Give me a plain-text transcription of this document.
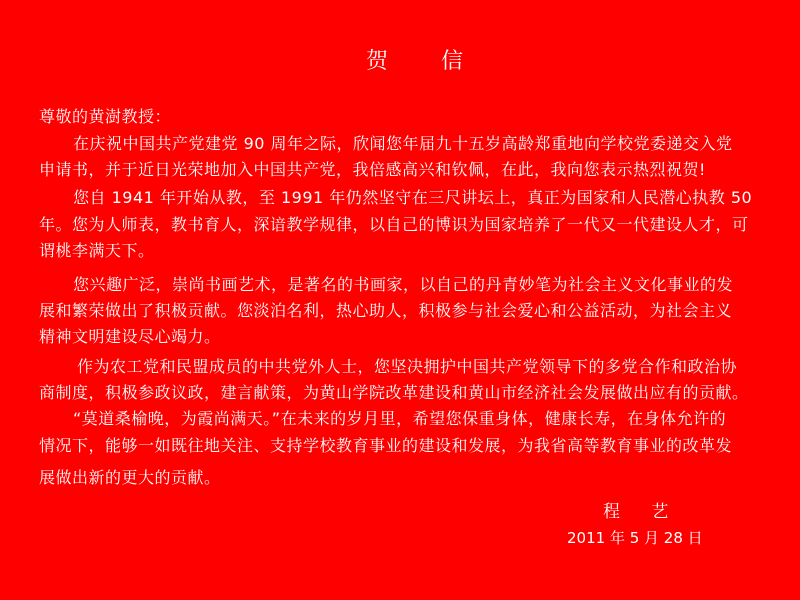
贺 信
尊敬的黄澍教授：
在庆祝中国共产党建党 90 周年之际，欣闻您年届九十五岁高龄郑重地向学校党委递交入党
申请书，并于近日光荣地加入中国共产党，我倍感高兴和钦佩，在此，我向您表示热烈祝贺!
您自 1941 年开始从教，至 1991 年仍然坚守在三尺讲坛上，真正为国家和人民潜心执教 50
年。您为人师表，教书育人，深谙教学规律，以自己的博识为国家培养了一代又一代建设人才，可
谓桃李满天下。
您兴趣广泛，崇尚书画艺术，是著名的书画家，以自己的丹青妙笔为社会主义文化事业的发
展和繁荣做出了积极贡献。您淡泊名利，热心助人，积极参与社会爱心和公益活动，为社会主义
精神文明建设尽心竭力。
作为农工党和民盟成员的中共党外人士，您坚决拥护中国共产党领导下的多党合作和政治协
商制度，积极参政议政，建言献策，为黄山学院改革建设和黄山市经济社会发展做出应有的贡献。
“莫道桑榆晚，为霞尚满天。”在未来的岁月里，希望您保重身体，健康长寿，在身体允许的
情况下，能够一如既往地关注、支持学校教育事业的建设和发展，为我省高等教育事业的改革发
展做出新的更大的贡献。
程 艺
2011 年 5 月 28 日
